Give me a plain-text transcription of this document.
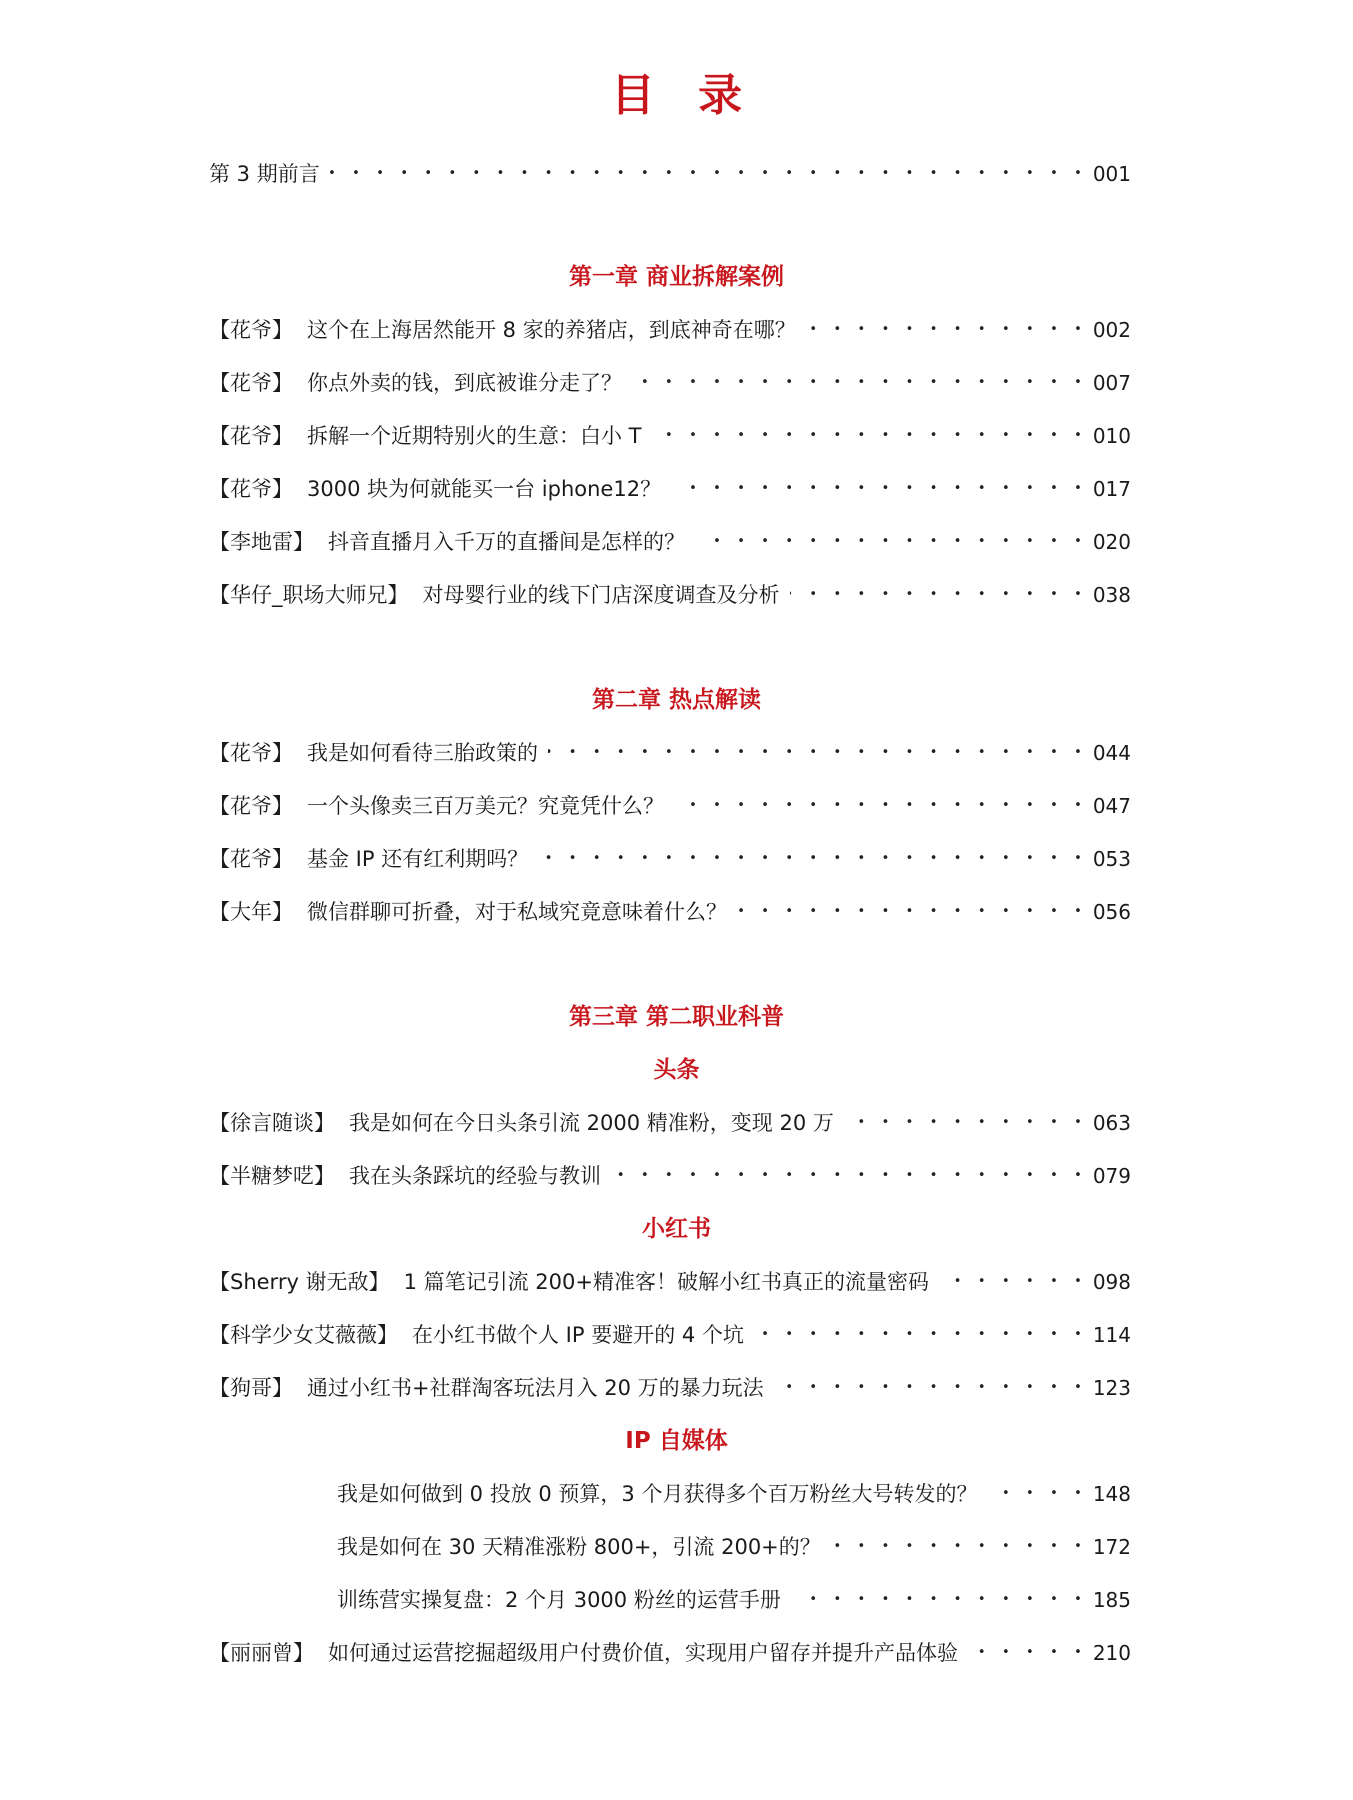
目 录
第 3 期前言 •   •	001
第一章 商业拆解案例
【花爷】 这个在上海居然能开 8 家的养猪店，到底神奇在哪？ •   •	002
【花爷】 你点外卖的钱，到底被谁分走了？ •   •	007
【花爷】 拆解一个近期特别火的生意：白小 T •   •	010
【花爷】 3000 块为何就能买一台 iphone12？ •   •	017
【李地雷】 抖音直播月入千万的直播间是怎样的？ •   •	020
【华仔_职场大师兄】 对母婴行业的线下门店深度调查及分析 •   •	038
第二章 热点解读
【花爷】 我是如何看待三胎政策的 •   •	044
【花爷】 一个头像卖三百万美元？究竟凭什么？ •   •	047
【花爷】 基金 IP 还有红利期吗？ •   •	053
【大年】 微信群聊可折叠，对于私域究竟意味着什么？ •   •	056
第三章 第二职业科普
头条
【徐言随谈】 我是如何在今日头条引流 2000 精准粉，变现 20 万 •   •	063
【半糖梦呓】 我在头条踩坑的经验与教训 •   •	079
小红书
【Sherry 谢无敌】 1 篇笔记引流 200+精准客！破解小红书真正的流量密码 •   •	098
【科学少女艾薇薇】 在小红书做个人 IP 要避开的 4 个坑 •   •	114
【狗哥】 通过小红书+社群淘客玩法月入 20 万的暴力玩法 •   •	123
IP 自媒体
我是如何做到 0 投放 0 预算，3 个月获得多个百万粉丝大号转发的？ •   •	148
我是如何在 30 天精准涨粉 800+，引流 200+的？ •   •	172
训练营实操复盘：2 个月 3000 粉丝的运营手册 •   •	185
【丽丽曾】 如何通过运营挖掘超级用户付费价值，实现用户留存并提升产品体验 •   •	210
